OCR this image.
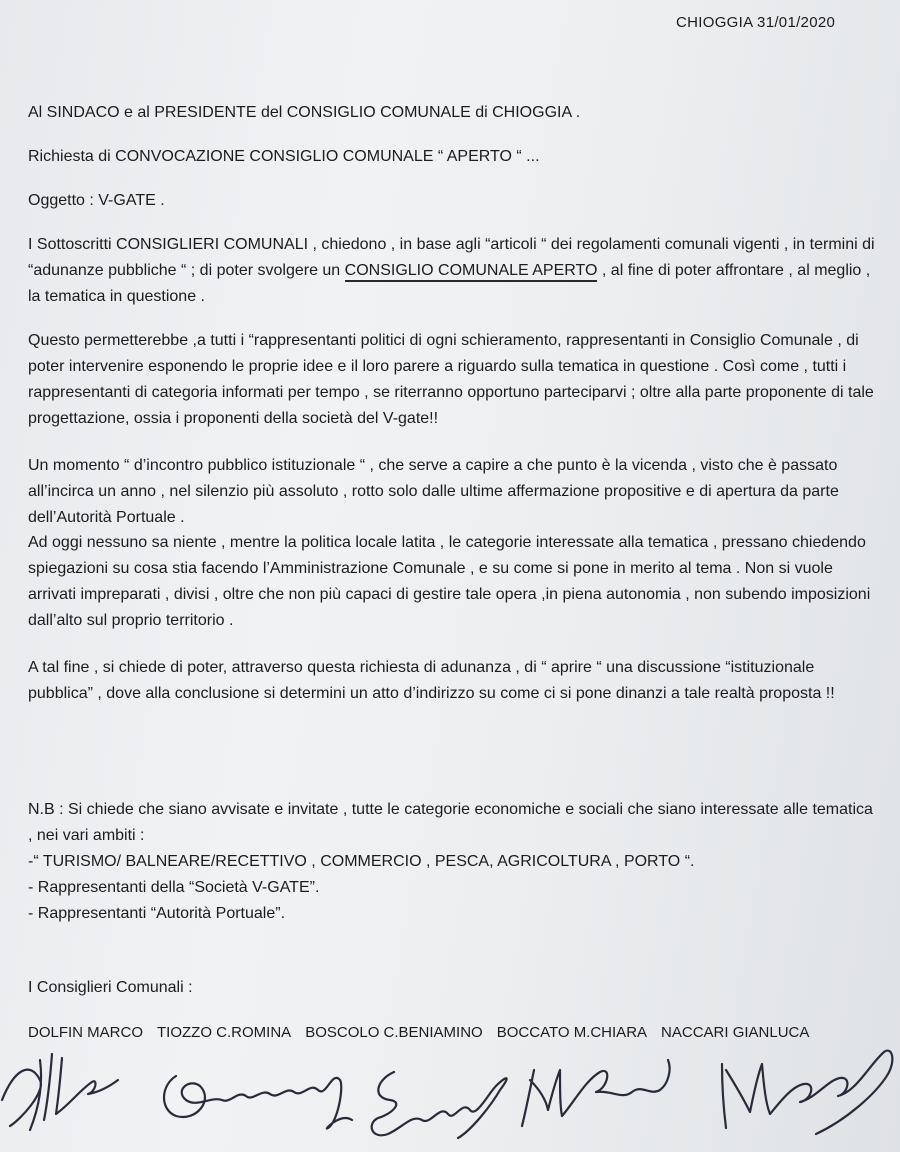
CHIOGGIA 31/01/2020
Al SINDACO e al PRESIDENTE del CONSIGLIO COMUNALE di CHIOGGIA .
Richiesta di CONVOCAZIONE CONSIGLIO COMUNALE “ APERTO “ ...
Oggetto : V-GATE .

I Sottoscritti CONSIGLIERI COMUNALI , chiedono , in base agli “articoli “ dei regolamenti comunali vigenti , in termini di “adunanze pubbliche “ ; di poter svolgere un CONSIGLIO COMUNALE APERTO , al fine di poter affrontare , al meglio , la tematica in questione .

Questo permetterebbe ,a tutti i “rappresentanti politici di ogni schieramento, rappresentanti in Consiglio Comunale , di poter intervenire esponendo le proprie idee e il loro parere a riguardo sulla tematica in questione . Così come , tutti i rappresentanti di categoria informati per tempo , se riterranno opportuno parteciparvi ; oltre alla parte proponente di tale progettazione, ossia i proponenti della società del V-gate!!

Un momento “ d’incontro pubblico istituzionale “ , che serve a capire a che punto è la vicenda , visto che è passato all’incirca un anno , nel silenzio più assoluto , rotto solo dalle ultime affermazione propositive e di apertura da parte dell’Autorità Portuale .

Ad oggi nessuno sa niente , mentre la politica locale latita , le categorie interessate alla tematica , pressano chiedendo spiegazioni su cosa stia facendo l’Amministrazione Comunale , e su come si pone in merito al tema . Non si vuole arrivati impreparati , divisi , oltre che non più capaci di gestire tale opera ,in piena autonomia , non subendo imposizioni dall’alto sul proprio territorio .

A tal fine , si chiede di poter, attraverso questa richiesta di adunanza , di “ aprire “ una discussione “istituzionale pubblica” , dove alla conclusione si determini un atto d’indirizzo su come ci si pone dinanzi a tale realtà proposta !!

N.B : Si chiede che siano avvisate e invitate , tutte le categorie economiche e sociali che siano interessate alle tematica , nei vari ambiti :
-“ TURISMO/ BALNEARE/RECETTIVO , COMMERCIO , PESCA, AGRICOLTURA , PORTO “.
- Rappresentanti della “Società V-GATE”.
- Rappresentanti “Autorità Portuale”.
I Consiglieri Comunali :
DOLFIN MARCO TIOZZO C.ROMINA BOSCOLO C.BENIAMINO BOCCATO M.CHIARA NACCARI GIANLUCA
